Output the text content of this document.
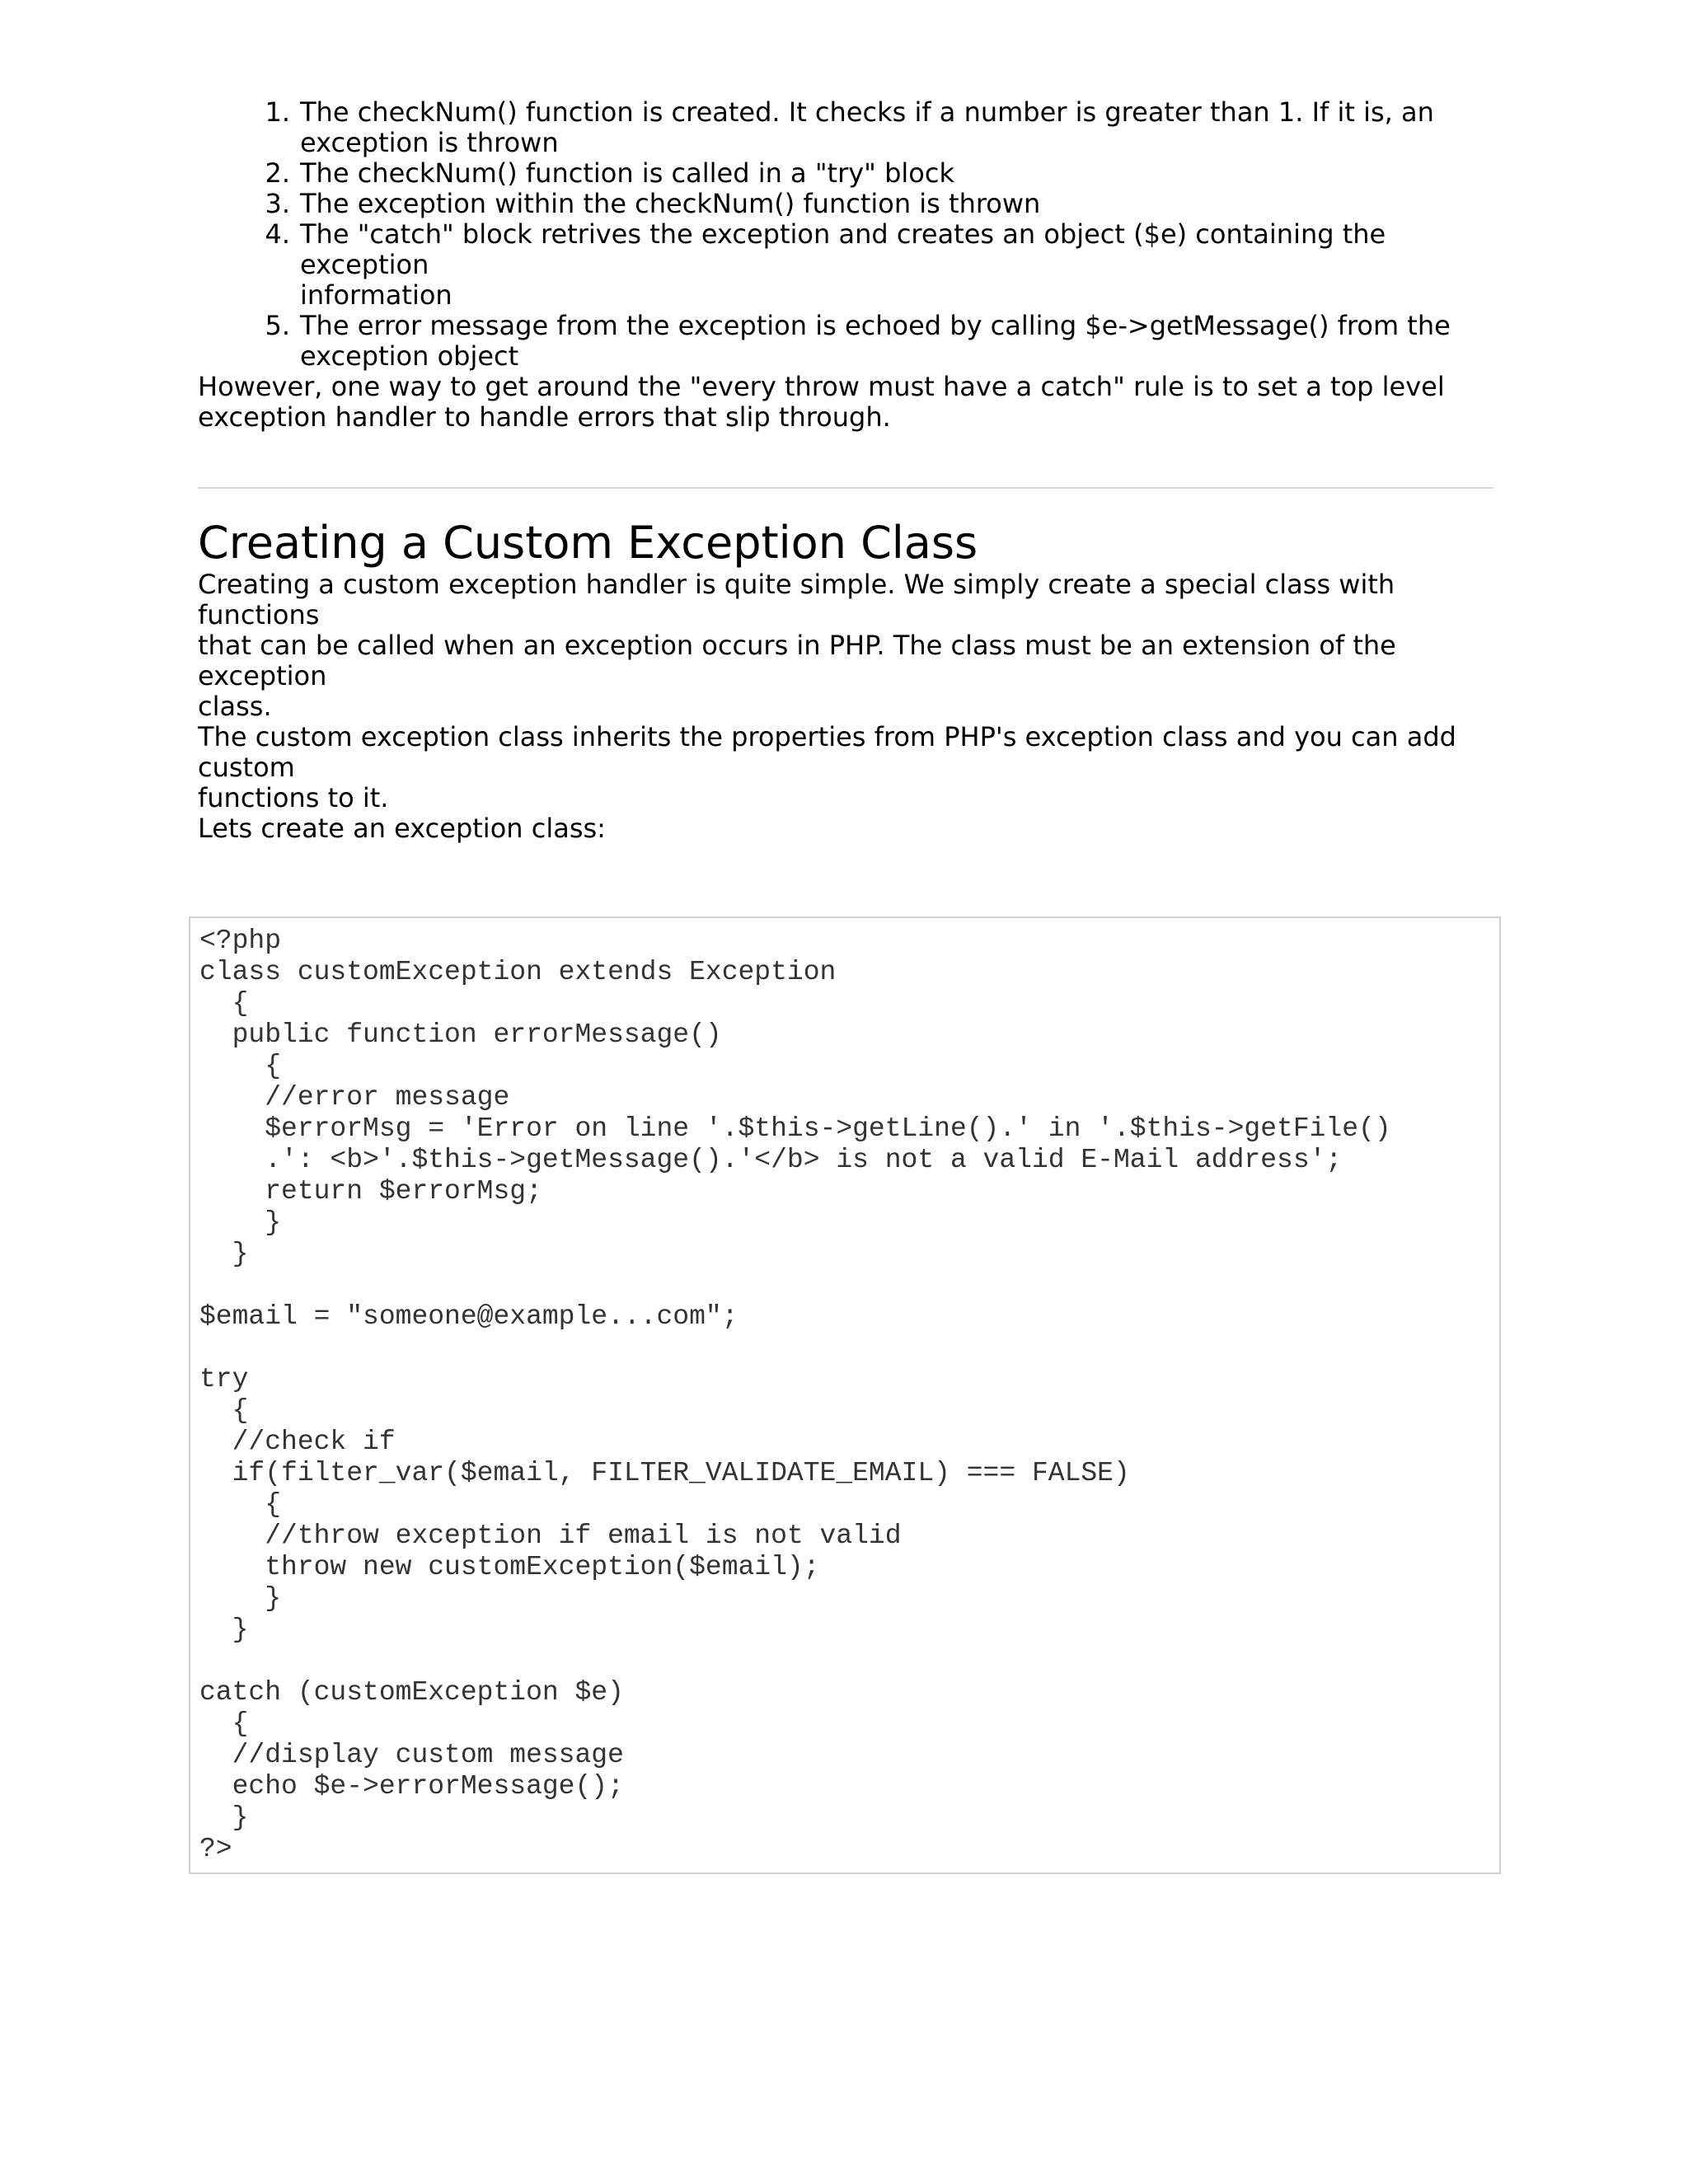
1. The checkNum() function is created. It checks if a number is greater than 1. If it is, an
exception is thrown
2. The checkNum() function is called in a "try" block
3. The exception within the checkNum() function is thrown
4. The "catch" block retrives the exception and creates an object ($e) containing the exception
information
5. The error message from the exception is echoed by calling $e->getMessage() from the
exception object

However, one way to get around the "every throw must have a catch" rule is to set a top level
exception handler to handle errors that slip through.

Creating a Custom Exception Class

Creating a custom exception handler is quite simple. We simply create a special class with functions
that can be called when an exception occurs in PHP. The class must be an extension of the exception
class.

The custom exception class inherits the properties from PHP's exception class and you can add custom
functions to it.

Lets create an exception class:

<?php
class customException extends Exception
{
public function errorMessage()
{
//error message
$errorMsg = 'Error on line '.$this->getLine().' in '.$this->getFile()
.': <b>'.$this->getMessage().'</b> is not a valid E-Mail address';
return $errorMsg;
}
}

$email = "someone@example...com";

try
{
//check if
if(filter_var($email, FILTER_VALIDATE_EMAIL) === FALSE)
{
//throw exception if email is not valid
throw new customException($email);
}
}

catch (customException $e)
{
//display custom message
echo $e->errorMessage();
}
?>
